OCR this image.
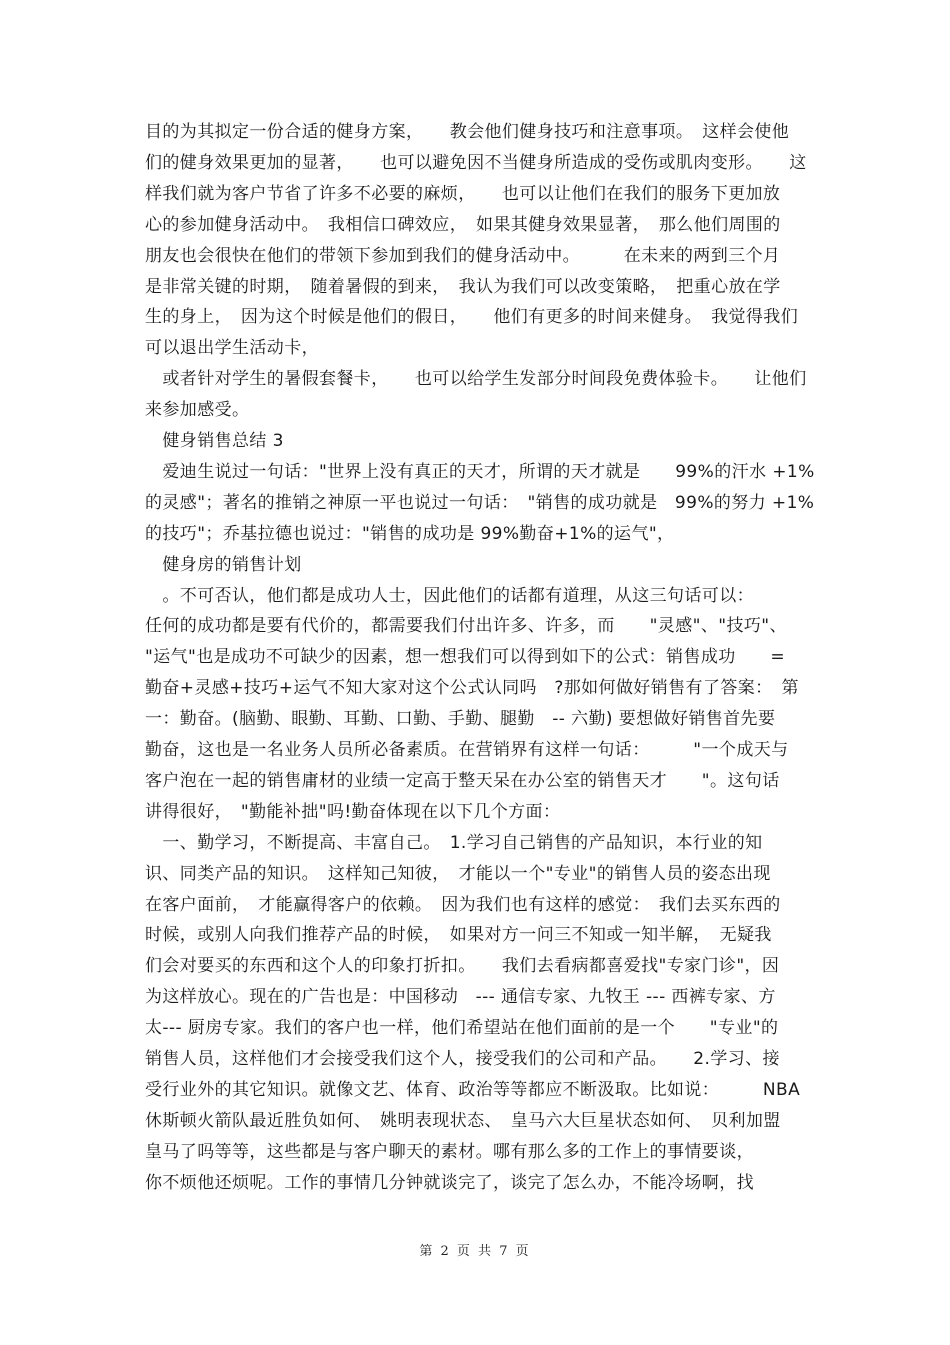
目的为其拟定一份合适的健身方案，　　教会他们健身技巧和注意事项。　这样会使他
们的健身效果更加的显著，　　也可以避免因不当健身所造成的受伤或肌肉变形。　　这
样我们就为客户节省了许多不必要的麻烦，　　也可以让他们在我们的服务下更加放
心的参加健身活动中。　我相信口碑效应，　如果其健身效果显著，　那么他们周围的
朋友也会很快在他们的带领下参加到我们的健身活动中。　　　在未来的两到三个月
是非常关键的时期，　随着暑假的到来，　我认为我们可以改变策略，　把重心放在学
生的身上，　因为这个时候是他们的假日，　　他们有更多的时间来健身。　我觉得我们
可以退出学生活动卡，
　或者针对学生的暑假套餐卡，　　也可以给学生发部分时间段免费体验卡。　　让他们
来参加感受。
　健身销售总结 3
　爱迪生说过一句话："世界上没有真正的天才，所谓的天才就是　　99%的汗水 +1%
的灵感"；著名的推销之神原一平也说过一句话：　"销售的成功就是　99%的努力 +1%
的技巧"；乔基拉德也说过："销售的成功是 99%勤奋+1%的运气"，
　健身房的销售计划
　。不可否认，他们都是成功人士，因此他们的话都有道理，从这三句话可以：
任何的成功都是要有代价的，都需要我们付出许多、许多，而　　"灵感"、"技巧"、
"运气"也是成功不可缺少的因素，想一想我们可以得到如下的公式：销售成功　　=
勤奋+灵感+技巧+运气不知大家对这个公式认同吗　?那如何做好销售有了答案：　第
一：勤奋。(脑勤、眼勤、耳勤、口勤、手勤、腿勤　-- 六勤) 要想做好销售首先要
勤奋，这也是一名业务人员所必备素质。在营销界有这样一句话：　　　"一个成天与
客户泡在一起的销售庸材的业绩一定高于整天呆在办公室的销售天才　　"。这句话
讲得很好，　"勤能补拙"吗!勤奋体现在以下几个方面：
　一、勤学习，不断提高、丰富自己。　1.学习自己销售的产品知识，本行业的知
识、同类产品的知识。　这样知己知彼，　才能以一个"专业"的销售人员的姿态出现
在客户面前，　才能赢得客户的依赖。　因为我们也有这样的感觉：　我们去买东西的
时候，或别人向我们推荐产品的时候，　如果对方一问三不知或一知半解，　无疑我
们会对要买的东西和这个人的印象打折扣。　　我们去看病都喜爱找"专家门诊"，因
为这样放心。现在的广告也是：中国移动　--- 通信专家、九牧王 --- 西裤专家、方
太--- 厨房专家。我们的客户也一样，他们希望站在他们面前的是一个　　"专业"的
销售人员，这样他们才会接受我们这个人，接受我们的公司和产品。　　2.学习、接
受行业外的其它知识。就像文艺、体育、政治等等都应不断汲取。比如说：　　　NBA
休斯顿火箭队最近胜负如何、　姚明表现状态、　皇马六大巨星状态如何、　贝利加盟
皇马了吗等等，这些都是与客户聊天的素材。哪有那么多的工作上的事情要谈，
你不烦他还烦呢。工作的事情几分钟就谈完了，谈完了怎么办，不能冷场啊，找
第 2 页 共 7 页
